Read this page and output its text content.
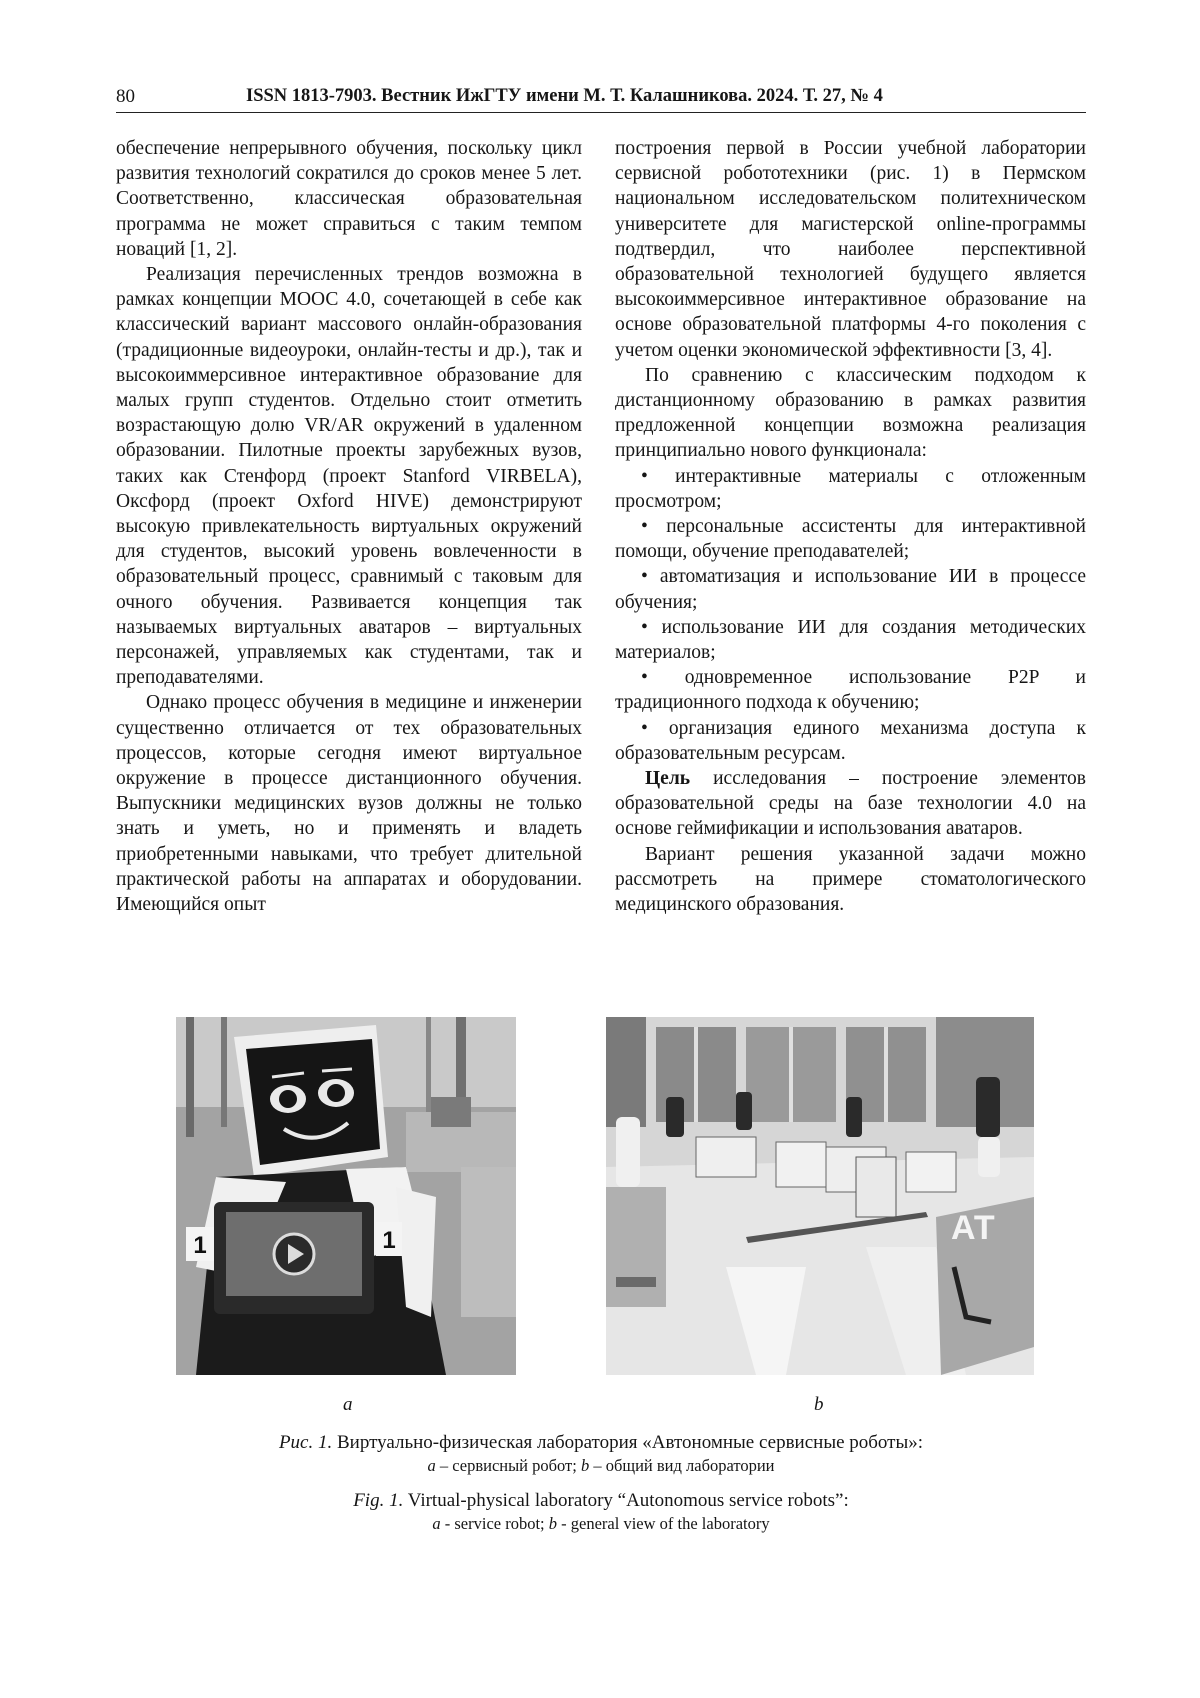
80	ISSN 1813-7903. Вестник ИжГТУ имени М. Т. Калашникова. 2024. Т. 27, № 4

обеспечение непрерывного обучения, поскольку цикл развития технологий сократился до сроков менее 5 лет. Соответственно, классическая образовательная программа не может справиться с таким темпом новаций [1, 2].

Реализация перечисленных трендов возможна в рамках концепции МООС 4.0, сочетающей в себе как классический вариант массового онлайн-образования (традиционные видеоуроки, онлайн-тесты и др.), так и высокоиммерсивное интерактивное образование для малых групп студентов. Отдельно стоит отметить возрастающую долю VR/AR окружений в удаленном образовании. Пилотные проекты зарубежных вузов, таких как Стенфорд (проект Stanford VIRBELA), Оксфорд (проект Oxford HIVE) демонстрируют высокую привлекательность виртуальных окружений для студентов, высокий уровень вовлеченности в образовательный процесс, сравнимый с таковым для очного обучения. Развивается концепция так называемых виртуальных аватаров – виртуальных персонажей, управляемых как студентами, так и преподавателями.

Однако процесс обучения в медицине и инженерии существенно отличается от тех образовательных процессов, которые сегодня имеют виртуальное окружение в процессе дистанционного обучения. Выпускники медицинских вузов должны не только знать и уметь, но и применять и владеть приобретенными навыками, что требует длительной практической работы на аппаратах и оборудовании. Имеющийся опыт

построения первой в России учебной лаборатории сервисной робототехники (рис. 1) в Пермском национальном исследовательском политехническом университете для магистерской online-программы подтвердил, что наиболее перспективной образовательной технологией будущего является высокоиммерсивное интерактивное образование на основе образовательной платформы 4-го поколения с учетом оценки экономической эффективности [3, 4].

По сравнению с классическим подходом к дистанционному образованию в рамках развития предложенной концепции возможна реализация принципиально нового функционала:

• интерактивные материалы с отложенным просмотром;

• персональные ассистенты для интерактивной помощи, обучение преподавателей;

• автоматизация и использование ИИ в процессе обучения;

• использование ИИ для создания методических материалов;

• одновременное использование P2P и традиционного подхода к обучению;

• организация единого механизма доступа к образовательным ресурсам.

Цель исследования – построение элементов образовательной среды на базе технологии 4.0 на основе геймификации и использования аватаров.

Вариант решения указанной задачи можно рассмотреть на примере стоматологического медицинского образования.

1	1	АТ
a	b
Рис. 1. Виртуально-физическая лаборатория «Автономные сервисные роботы»:
а – сервисный робот; b – общий вид лаборатории
Fig. 1. Virtual-physical laboratory “Autonomous service robots”:
a - service robot; b - general view of the laboratory
